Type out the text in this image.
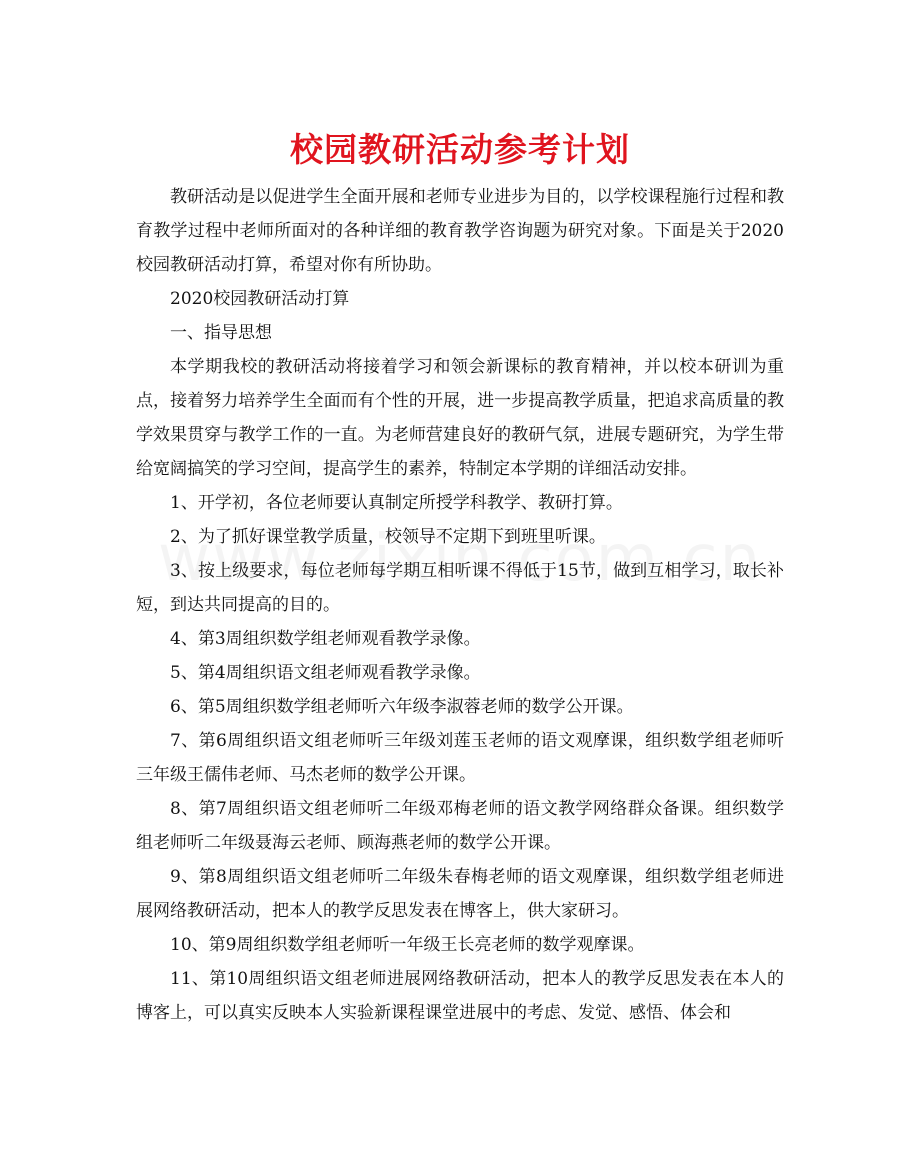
校园教研活动参考计划

教研活动是以促进学生全面开展和老师专业进步为目的，以学校课程施行过程和教育教学过程中老师所面对的各种详细的教育教学咨询题为研究对象。下面是关于2020校园教研活动打算，希望对你有所协助。

2020校园教研活动打算

一、指导思想

本学期我校的教研活动将接着学习和领会新课标的教育精神，并以校本研训为重点，接着努力培养学生全面而有个性的开展，进一步提高教学质量，把追求高质量的教学效果贯穿与教学工作的一直。为老师营建良好的教研气氛，进展专题研究，为学生带给宽阔搞笑的学习空间，提高学生的素养，特制定本学期的详细活动安排。

1、开学初，各位老师要认真制定所授学科教学、教研打算。

2、为了抓好课堂教学质量，校领导不定期下到班里听课。

3、按上级要求，每位老师每学期互相听课不得低于15节，做到互相学习，取长补短，到达共同提高的目的。

4、第3周组织数学组老师观看教学录像。

5、第4周组织语文组老师观看教学录像。

6、第5周组织数学组老师听六年级李淑蓉老师的数学公开课。

7、第6周组织语文组老师听三年级刘莲玉老师的语文观摩课，组织数学组老师听三年级王儒伟老师、马杰老师的数学公开课。

8、第7周组织语文组老师听二年级邓梅老师的语文教学网络群众备课。组织数学组老师听二年级聂海云老师、顾海燕老师的数学公开课。

9、第8周组织语文组老师听二年级朱春梅老师的语文观摩课，组织数学组老师进展网络教研活动，把本人的教学反思发表在博客上，供大家研习。

10、第9周组织数学组老师听一年级王长亮老师的数学观摩课。

11、第10周组织语文组老师进展网络教研活动，把本人的教学反思发表在本人的博客上，可以真实反映本人实验新课程课堂进展中的考虑、发觉、感悟、体会和
